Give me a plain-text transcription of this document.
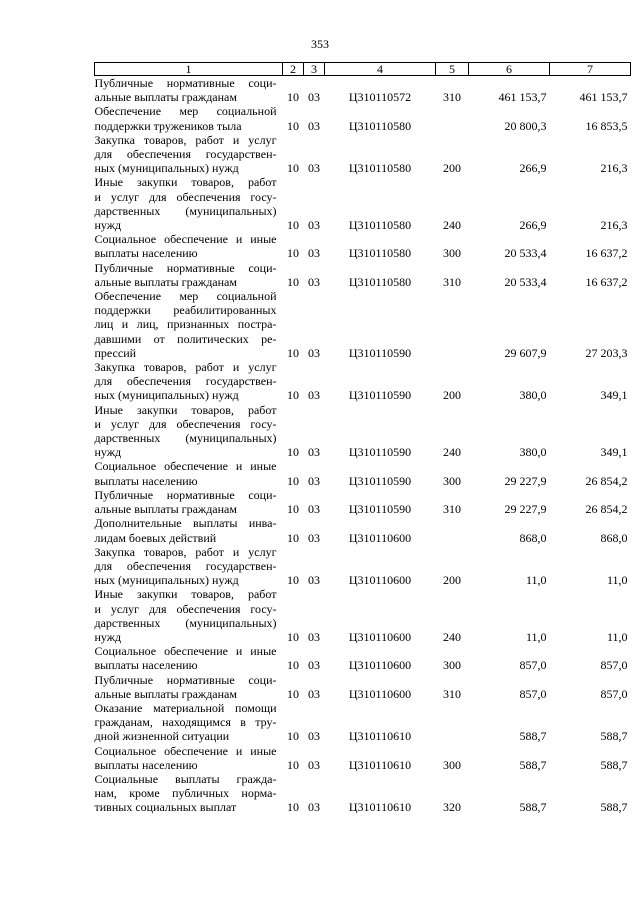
353
1	2	3	4	5	6	7

Публичные нормативные соци-
альные выплаты гражданам	10	03	Ц310110572	310	461 153,7	461 153,7

Обеспечение мер социальной
поддержки тружеников тыла	10	03	Ц310110580		20 800,3	16 853,5

Закупка товаров, работ и услуг
для обеспечения государствен-
ных (муниципальных) нужд	10	03	Ц310110580	200	266,9	216,3

Иные закупки товаров, работ
и услуг для обеспечения госу-
дарственных (муниципальных)
нужд	10	03	Ц310110580	240	266,9	216,3

Социальное обеспечение и иные
выплаты населению	10	03	Ц310110580	300	20 533,4	16 637,2

Публичные нормативные соци-
альные выплаты гражданам	10	03	Ц310110580	310	20 533,4	16 637,2

Обеспечение мер социальной
поддержки реабилитированных
лиц и лиц, признанных постра-
давшими от политических ре-
прессий	10	03	Ц310110590		29 607,9	27 203,3

Закупка товаров, работ и услуг
для обеспечения государствен-
ных (муниципальных) нужд	10	03	Ц310110590	200	380,0	349,1

Иные закупки товаров, работ
и услуг для обеспечения госу-
дарственных (муниципальных)
нужд	10	03	Ц310110590	240	380,0	349,1

Социальное обеспечение и иные
выплаты населению	10	03	Ц310110590	300	29 227,9	26 854,2

Публичные нормативные соци-
альные выплаты гражданам	10	03	Ц310110590	310	29 227,9	26 854,2

Дополнительные выплаты инва-
лидам боевых действий	10	03	Ц310110600		868,0	868,0

Закупка товаров, работ и услуг
для обеспечения государствен-
ных (муниципальных) нужд	10	03	Ц310110600	200	11,0	11,0

Иные закупки товаров, работ
и услуг для обеспечения госу-
дарственных (муниципальных)
нужд	10	03	Ц310110600	240	11,0	11,0

Социальное обеспечение и иные
выплаты населению	10	03	Ц310110600	300	857,0	857,0

Публичные нормативные соци-
альные выплаты гражданам	10	03	Ц310110600	310	857,0	857,0

Оказание материальной помощи
гражданам, находящимся в тру-
дной жизненной ситуации	10	03	Ц310110610		588,7	588,7

Социальное обеспечение и иные
выплаты населению	10	03	Ц310110610	300	588,7	588,7

Социальные выплаты гражда-
нам, кроме публичных норма-
тивных социальных выплат	10	03	Ц310110610	320	588,7	588,7
